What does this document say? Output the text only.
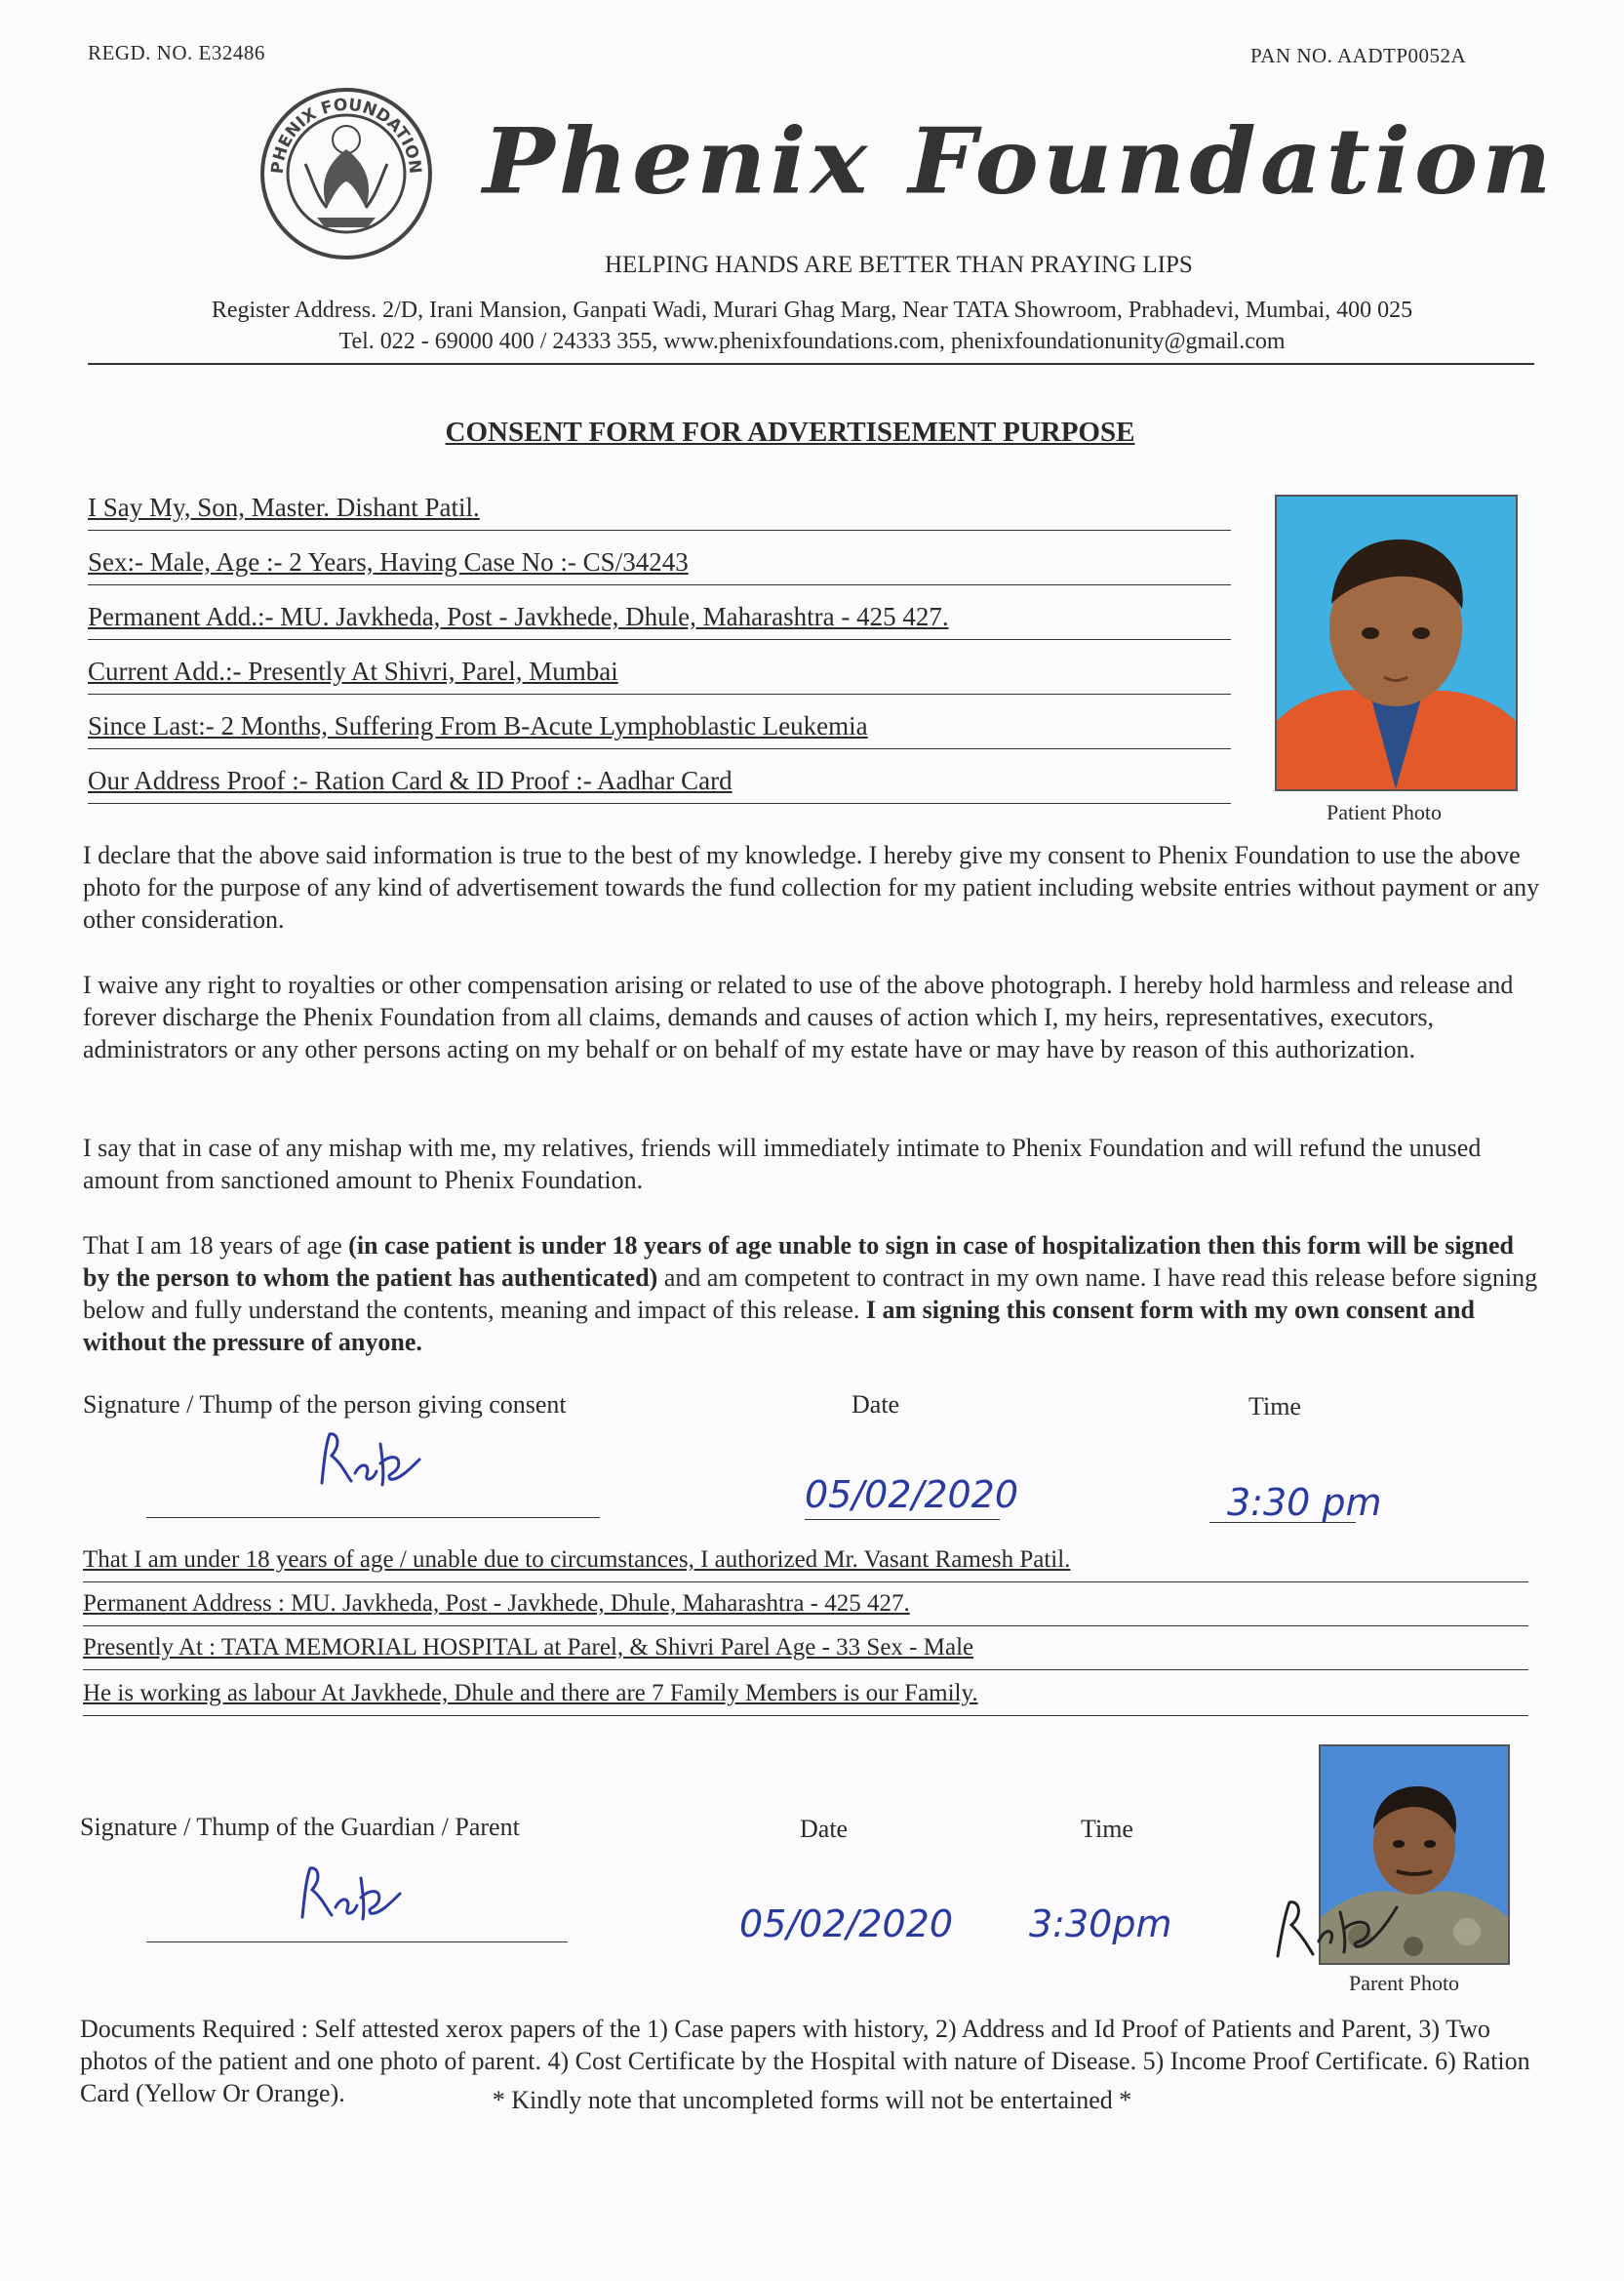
REGD. NO. E32486	PAN NO. AADTP0052A
PHENIX FOUNDATION Phenix Foundation
HELPING HANDS ARE BETTER THAN PRAYING LIPS
Register Address. 2/D, Irani Mansion, Ganpati Wadi, Murari Ghag Marg, Near TATA Showroom, Prabhadevi, Mumbai, 400 025
Tel. 022 - 69000 400 / 24333 355, www.phenixfoundations.com, phenixfoundationunity@gmail.com
CONSENT FORM FOR ADVERTISEMENT PURPOSE
I Say My, Son, Master. Dishant Patil.
Sex:- Male, Age :- 2 Years, Having Case No :- CS/34243
Permanent Add.:- MU. Javkheda, Post - Javkhede, Dhule, Maharashtra - 425 427.
Current Add.:- Presently At Shivri, Parel, Mumbai
Since Last:- 2 Months, Suffering From B-Acute Lymphoblastic Leukemia
Our Address Proof :- Ration Card & ID Proof :- Aadhar Card
Patient Photo
I declare that the above said information is true to the best of my knowledge. I hereby give my consent to Phenix Foundation to use the above photo for the purpose of any kind of advertisement towards the fund collection for my patient including website entries without payment or any other consideration.
I waive any right to royalties or other compensation arising or related to use of the above photograph. I hereby hold harmless and release and forever discharge the Phenix Foundation from all claims, demands and causes of action which I, my heirs, representatives, executors, administrators or any other persons acting on my behalf or on behalf of my estate have or may have by reason of this authorization.
I say that in case of any mishap with me, my relatives, friends will immediately intimate to Phenix Foundation and will refund the unused amount from sanctioned amount to Phenix Foundation.
That I am 18 years of age (in case patient is under 18 years of age unable to sign in case of hospitalization then this form will be signed by the person to whom the patient has authenticated) and am competent to contract in my own name. I have read this release before signing below and fully understand the contents, meaning and impact of this release. I am signing this consent form with my own consent and without the pressure of anyone.
Signature / Thump of the person giving consent	Date	Time
05/02/2020	3:30 pm
That I am under 18 years of age / unable due to circumstances, I authorized Mr. Vasant Ramesh Patil.
Permanent Address : MU. Javkheda, Post - Javkhede, Dhule, Maharashtra - 425 427.
Presently At : TATA MEMORIAL HOSPITAL at Parel, & Shivri Parel Age - 33 Sex - Male
He is working as labour At Javkhede, Dhule and there are 7 Family Members is our Family.
Signature / Thump of the Guardian / Parent	Date	Time
05/02/2020 3:30pm
Parent Photo
Documents Required : Self attested xerox papers of the 1) Case papers with history, 2) Address and Id Proof of Patients and Parent, 3) Two photos of the patient and one photo of parent. 4) Cost Certificate by the Hospital with nature of Disease. 5) Income Proof Certificate. 6) Ration Card (Yellow Or Orange).	* Kindly note that uncompleted forms will not be entertained *
